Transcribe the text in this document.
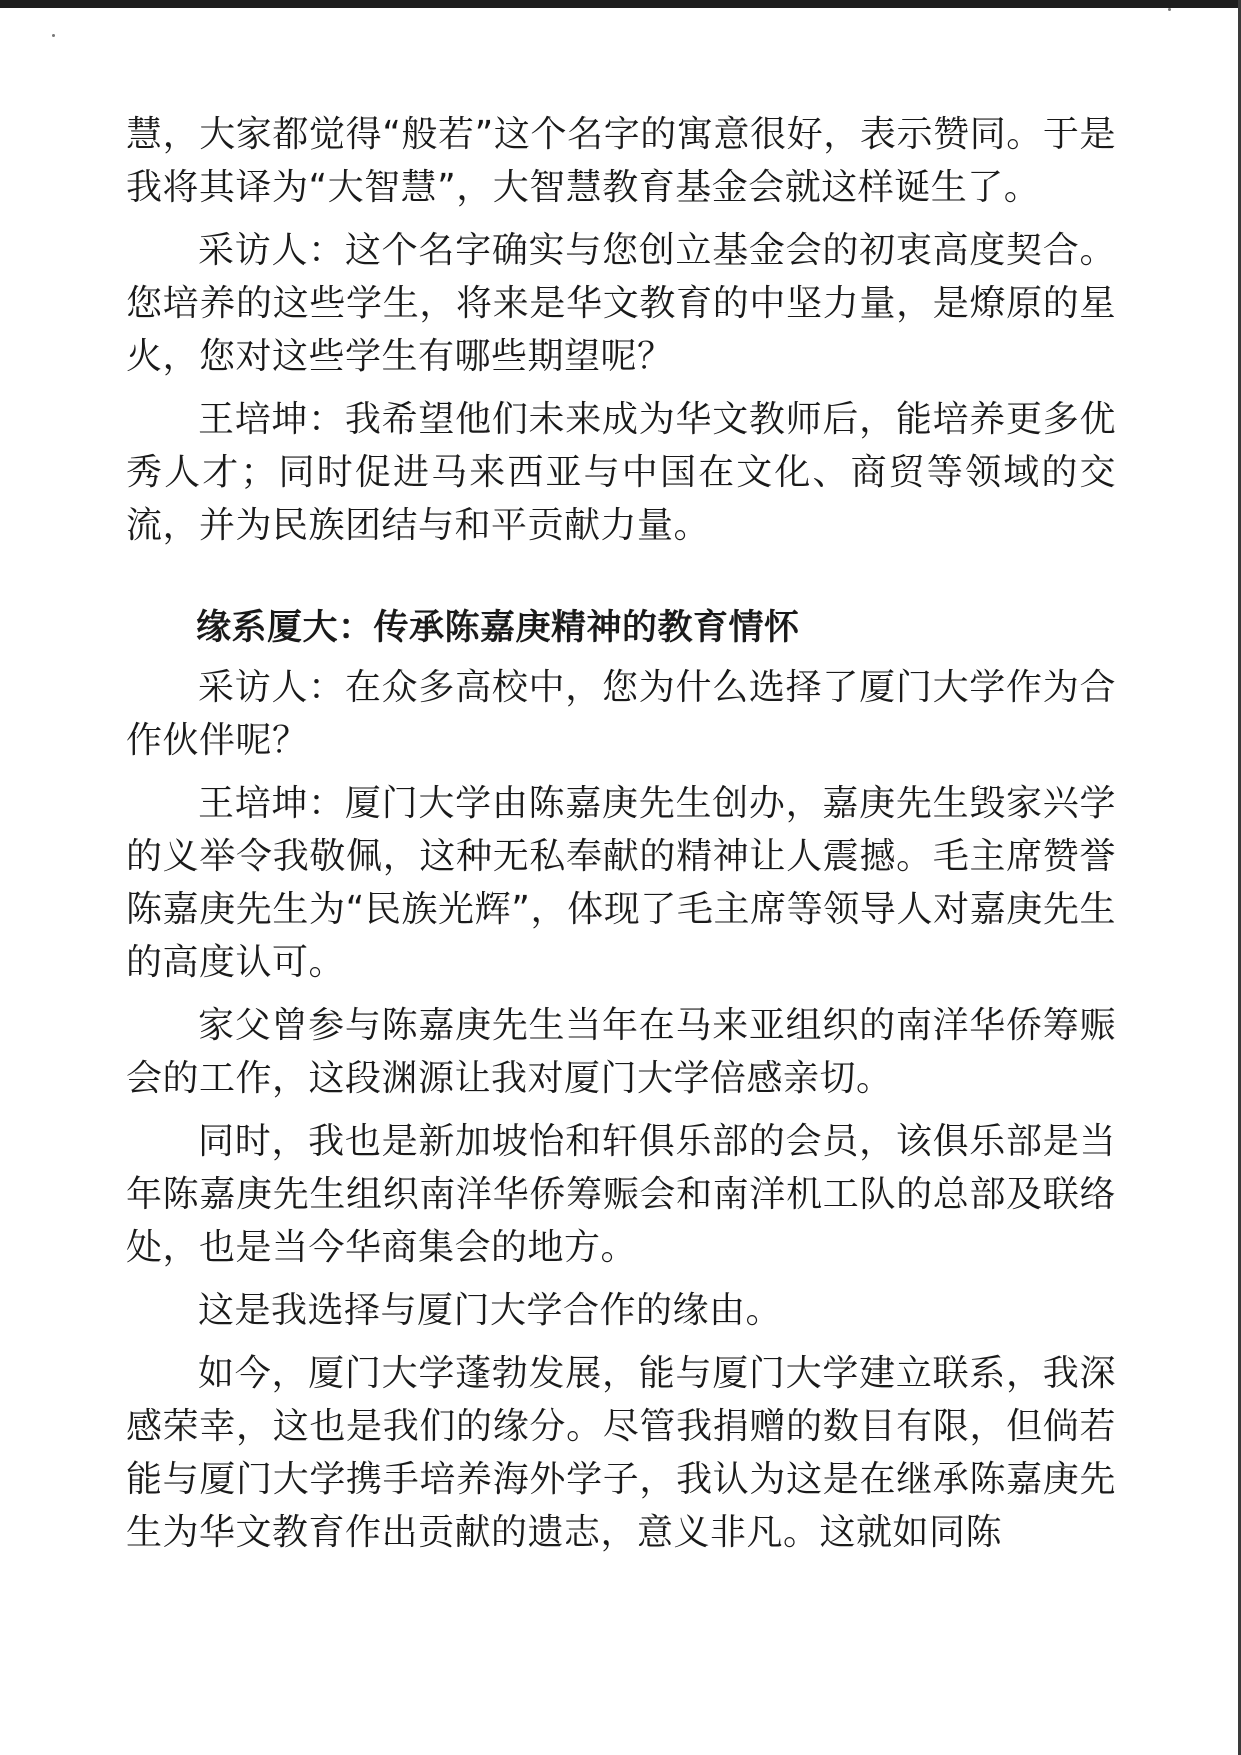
慧，大家都觉得“般若”这个名字的寓意很好，表示赞同。于是我将其译为“大智慧”，大智慧教育基金会就这样诞生了。

采访人：这个名字确实与您创立基金会的初衷高度契合。您培养的这些学生，将来是华文教育的中坚力量，是燎原的星火，您对这些学生有哪些期望呢？

王培坤：我希望他们未来成为华文教师后，能培养更多优秀人才；同时促进马来西亚与中国在文化、商贸等领域的交流，并为民族团结与和平贡献力量。

缘系厦大：传承陈嘉庚精神的教育情怀

采访人：在众多高校中，您为什么选择了厦门大学作为合作伙伴呢？

王培坤：厦门大学由陈嘉庚先生创办，嘉庚先生毁家兴学的义举令我敬佩，这种无私奉献的精神让人震撼。毛主席赞誉陈嘉庚先生为“民族光辉”，体现了毛主席等领导人对嘉庚先生的高度认可。

家父曾参与陈嘉庚先生当年在马来亚组织的南洋华侨筹赈会的工作，这段渊源让我对厦门大学倍感亲切。

同时，我也是新加坡怡和轩俱乐部的会员，该俱乐部是当年陈嘉庚先生组织南洋华侨筹赈会和南洋机工队的总部及联络处，也是当今华商集会的地方。

这是我选择与厦门大学合作的缘由。

如今，厦门大学蓬勃发展，能与厦门大学建立联系，我深感荣幸，这也是我们的缘分。尽管我捐赠的数目有限，但倘若能与厦门大学携手培养海外学子，我认为这是在继承陈嘉庚先生为华文教育作出贡献的遗志，意义非凡。这就如同陈
